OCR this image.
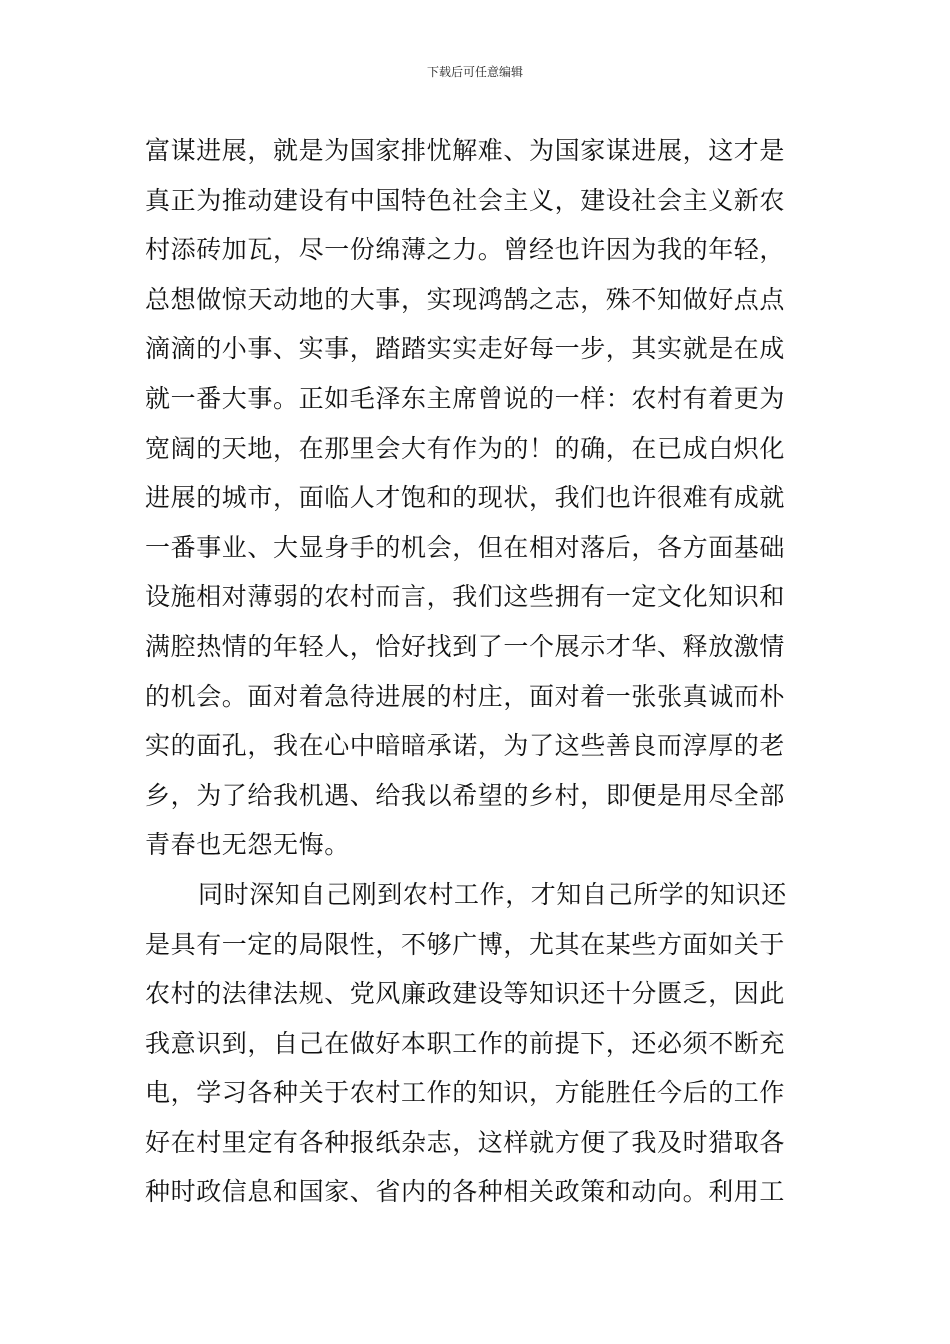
下载后可任意编辑
富谋进展，就是为国家排忧解难、为国家谋进展，这才是
真正为推动建设有中国特色社会主义，建设社会主义新农
村添砖加瓦，尽一份绵薄之力。曾经也许因为我的年轻，
总想做惊天动地的大事，实现鸿鹄之志，殊不知做好点点
滴滴的小事、实事，踏踏实实走好每一步，其实就是在成
就一番大事。正如毛泽东主席曾说的一样：农村有着更为
宽阔的天地，在那里会大有作为的！的确，在已成白炽化
进展的城市，面临人才饱和的现状，我们也许很难有成就
一番事业、大显身手的机会，但在相对落后，各方面基础
设施相对薄弱的农村而言，我们这些拥有一定文化知识和
满腔热情的年轻人，恰好找到了一个展示才华、释放激情
的机会。面对着急待进展的村庄，面对着一张张真诚而朴
实的面孔，我在心中暗暗承诺，为了这些善良而淳厚的老
乡，为了给我机遇、给我以希望的乡村，即便是用尽全部
青春也无怨无悔。
同时深知自己刚到农村工作，才知自己所学的知识还
是具有一定的局限性，不够广博，尤其在某些方面如关于
农村的法律法规、党风廉政建设等知识还十分匮乏，因此
我意识到，自己在做好本职工作的前提下，还必须不断充
电，学习各种关于农村工作的知识，方能胜任今后的工作
好在村里定有各种报纸杂志，这样就方便了我及时猎取各
种时政信息和国家、省内的各种相关政策和动向。利用工
